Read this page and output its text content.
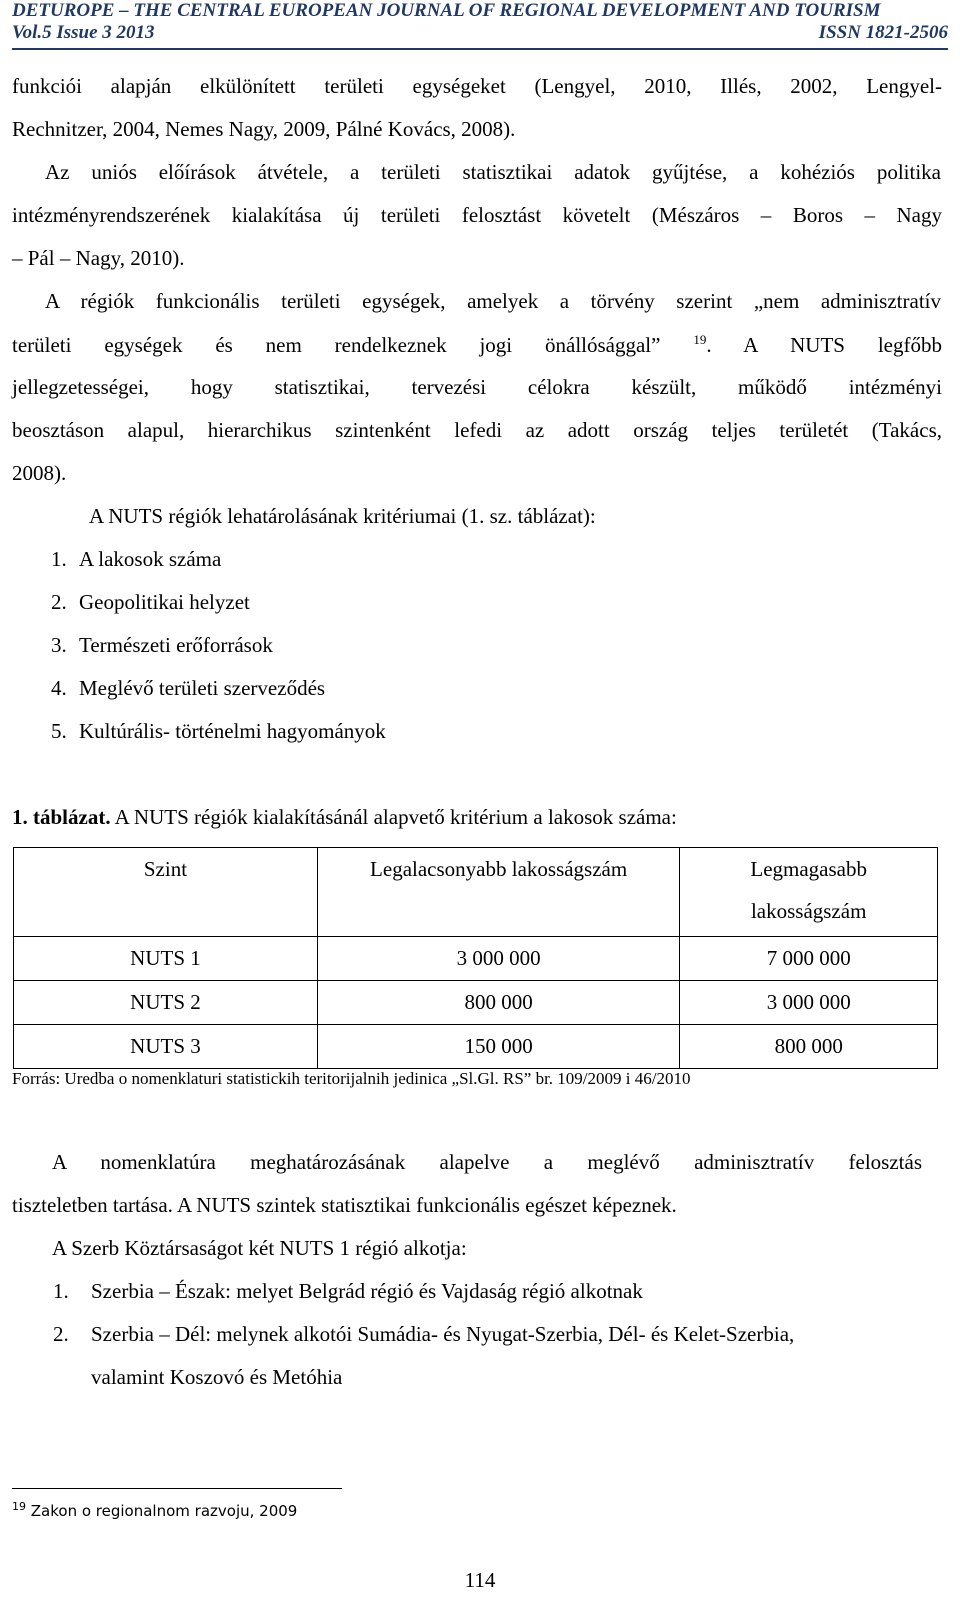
DETUROPE – THE CENTRAL EUROPEAN JOURNAL OF REGIONAL DEVELOPMENT AND TOURISM
Vol.5 Issue 3 2013	ISSN 1821-2506
funkciói alapján elkülönített területi egységeket (Lengyel, 2010, Illés, 2002, Lengyel-
Rechnitzer, 2004, Nemes Nagy, 2009, Pálné Kovács, 2008).
Az uniós előírások átvétele, a területi statisztikai adatok gyűjtése, a kohéziós politika
intézményrendszerének kialakítása új területi felosztást követelt (Mészáros – Boros – Nagy
– Pál – Nagy, 2010).
A régiók funkcionális területi egységek, amelyek a törvény szerint „nem adminisztratív
területi egységek és nem rendelkeznek jogi önállósággal”	$^{19}$. A NUTS legfőbb
jellegzetességei, hogy statisztikai, tervezési célokra készült, működő intézményi
beosztáson alapul, hierarchikus szintenként lefedi az adott ország teljes területét (Takács,
2008).
A NUTS régiók lehatárolásának kritériumai (1. sz. táblázat):
1. A lakosok száma
2. Geopolitikai helyzet
3. Természeti erőforrások
4. Meglévő területi szerveződés
5. Kultúrális- történelmi hagyományok
1. táblázat. A NUTS régiók kialakításánál alapvető kritérium a lakosok száma:
Szint	Legalacsonyabb lakosságszám	Legmagasabb lakosságszám
NUTS 1	3 000 000	7 000 000
NUTS 2	800 000	3 000 000
NUTS 3	150 000	800 000
Forrás: Uredba o nomenklaturi statistickih teritorijalnih jedinica „Sl.Gl. RS” br. 109/2009 i 46/2010
A nomenklatúra meghatározásának alapelve a meglévő adminisztratív felosztás
tiszteletben tartása. A NUTS szintek statisztikai funkcionális egészet képeznek.
A Szerb Köztársaságot két NUTS 1 régió alkotja:
1. Szerbia – Észak: melyet Belgrád régió és Vajdaság régió alkotnak
2. Szerbia – Dél: melynek alkotói Sumádia- és Nyugat-Szerbia, Dél- és Kelet-Szerbia,
valamint Koszovó és Metóhia
$^{19}$ Zakon o regionalnom razvoju, 2009
114
